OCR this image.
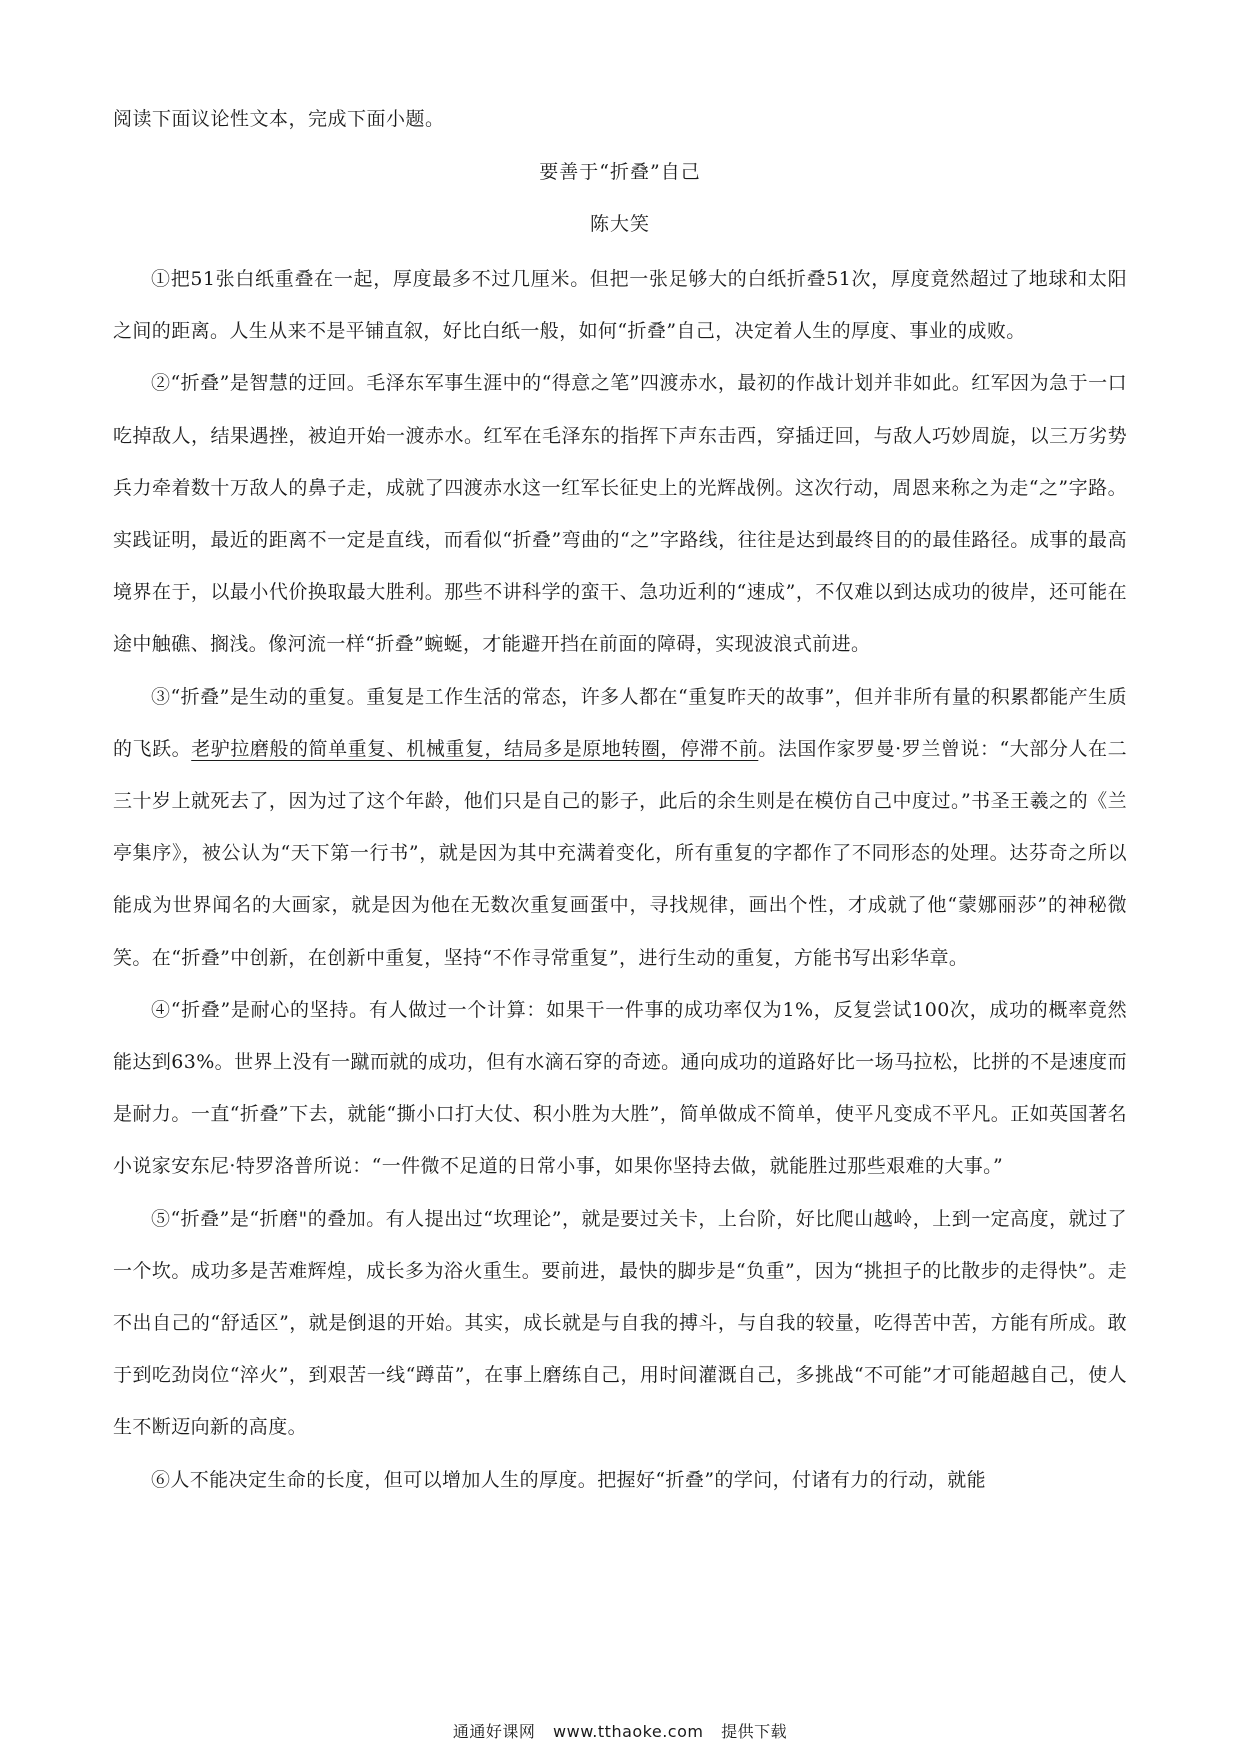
阅读下面议论性文本，完成下面小题。
要善于“折叠”自己
陈大笑

①把51张白纸重叠在一起，厚度最多不过几厘米。但把一张足够大的白纸折叠51次，厚度竟然超过了地球和太阳之间的距离。人生从来不是平铺直叙，好比白纸一般，如何“折叠”自己，决定着人生的厚度、事业的成败。

②“折叠”是智慧的迂回。毛泽东军事生涯中的“得意之笔”四渡赤水，最初的作战计划并非如此。红军因为急于一口吃掉敌人，结果遇挫，被迫开始一渡赤水。红军在毛泽东的指挥下声东击西，穿插迂回，与敌人巧妙周旋，以三万劣势兵力牵着数十万敌人的鼻子走，成就了四渡赤水这一红军长征史上的光辉战例。这次行动，周恩来称之为走“之”字路。实践证明，最近的距离不一定是直线，而看似“折叠”弯曲的“之”字路线，往往是达到最终目的的最佳路径。成事的最高境界在于，以最小代价换取最大胜利。那些不讲科学的蛮干、急功近利的“速成”，不仅难以到达成功的彼岸，还可能在途中触礁、搁浅。像河流一样“折叠”蜿蜒，才能避开挡在前面的障碍，实现波浪式前进。

③“折叠”是生动的重复。重复是工作生活的常态，许多人都在“重复昨天的故事”，但并非所有量的积累都能产生质的飞跃。老驴拉磨般的简单重复、机械重复，结局多是原地转圈，停滞不前。法国作家罗曼·罗兰曾说：“大部分人在二三十岁上就死去了，因为过了这个年龄，他们只是自己的影子，此后的余生则是在模仿自己中度过。”书圣王羲之的《兰亭集序》，被公认为“天下第一行书”，就是因为其中充满着变化，所有重复的字都作了不同形态的处理。达芬奇之所以能成为世界闻名的大画家，就是因为他在无数次重复画蛋中，寻找规律，画出个性，才成就了他“蒙娜丽莎”的神秘微笑。在“折叠”中创新，在创新中重复，坚持“不作寻常重复”，进行生动的重复，方能书写出彩华章。

④“折叠”是耐心的坚持。有人做过一个计算：如果干一件事的成功率仅为1%，反复尝试100次，成功的概率竟然能达到63%。世界上没有一蹴而就的成功，但有水滴石穿的奇迹。通向成功的道路好比一场马拉松，比拼的不是速度而是耐力。一直“折叠”下去，就能“撕小口打大仗、积小胜为大胜”，简单做成不简单，使平凡变成不平凡。正如英国著名小说家安东尼·特罗洛普所说：“一件微不足道的日常小事，如果你坚持去做，就能胜过那些艰难的大事。”

⑤“折叠”是“折磨"的叠加。有人提出过“坎理论”，就是要过关卡，上台阶，好比爬山越岭，上到一定高度，就过了一个坎。成功多是苦难辉煌，成长多为浴火重生。要前进，最快的脚步是“负重”，因为“挑担子的比散步的走得快”。走不出自己的“舒适区”，就是倒退的开始。其实，成长就是与自我的搏斗，与自我的较量，吃得苦中苦，方能有所成。敢于到吃劲岗位“淬火”，到艰苦一线“蹲苗”，在事上磨练自己，用时间灌溉自己，多挑战“不可能”才可能超越自己，使人生不断迈向新的高度。

⑥人不能决定生命的长度，但可以增加人生的厚度。把握好“折叠”的学问，付诸有力的行动，就能

通通好课网 www.tthaoke.com 提供下载
